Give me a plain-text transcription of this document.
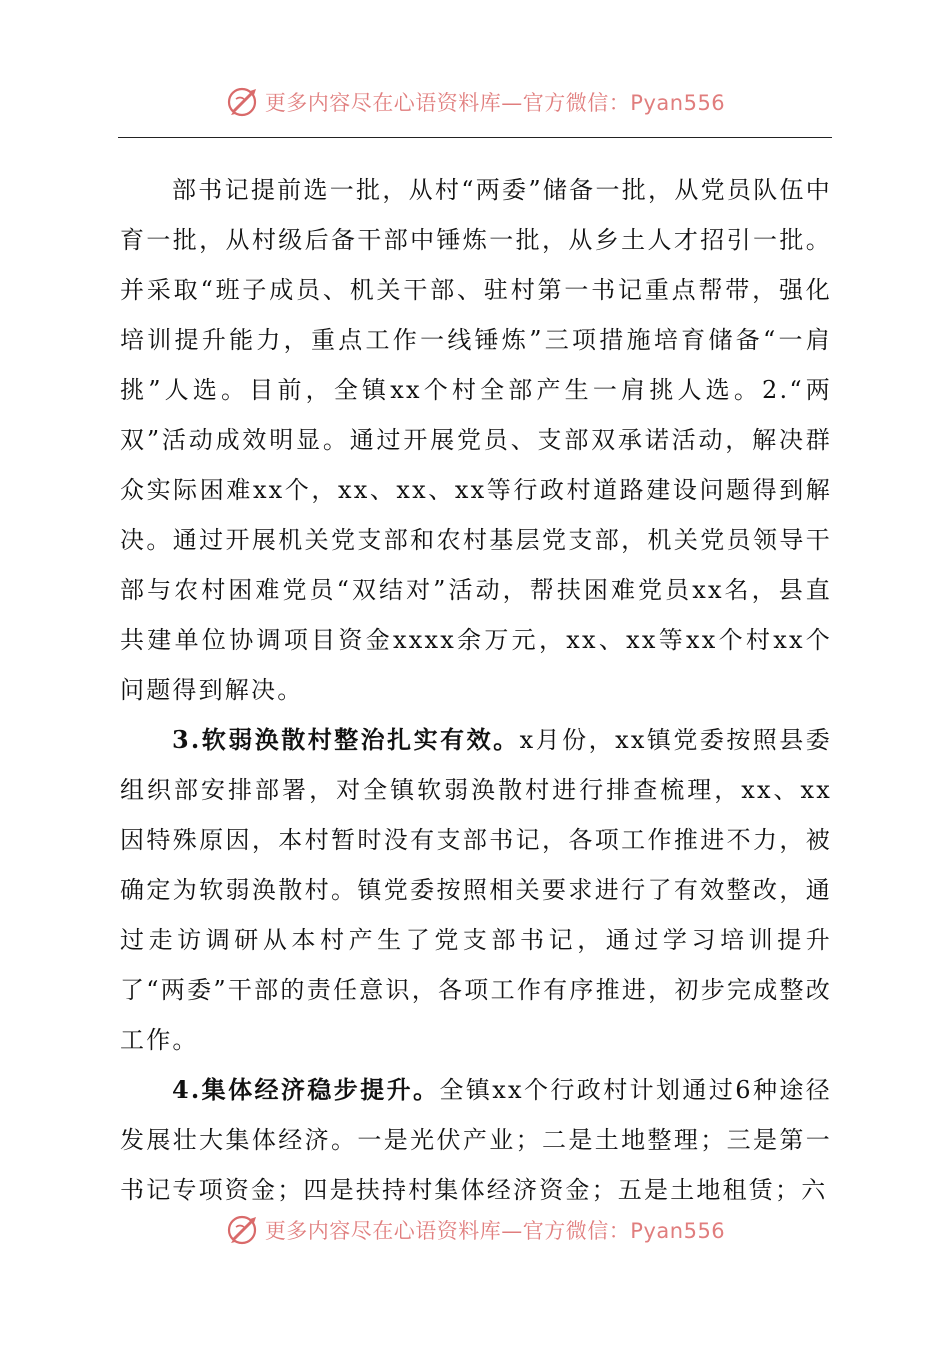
更多内容尽在心语资料库—官方微信：Pyan556

部书记提前选一批，从村“两委”储备一批，从党员队伍中育一批，从村级后备干部中锤炼一批，从乡土人才招引一批。并采取“班子成员、机关干部、驻村第一书记重点帮带，强化培训提升能力，重点工作一线锤炼”三项措施培育储备“一肩挑”人选。目前，全镇xx个村全部产生一肩挑人选。2.“两双”活动成效明显。通过开展党员、支部双承诺活动，解决群众实际困难xx个，xx、xx、xx等行政村道路建设问题得到解决。通过开展机关党支部和农村基层党支部，机关党员领导干部与农村困难党员“双结对”活动，帮扶困难党员xx名，县直共建单位协调项目资金xxxx余万元，xx、xx等xx个村xx个问题得到解决。

3.软弱涣散村整治扎实有效。x月份，xx镇党委按照县委组织部安排部署，对全镇软弱涣散村进行排查梳理，xx、xx因特殊原因，本村暂时没有支部书记，各项工作推进不力，被确定为软弱涣散村。镇党委按照相关要求进行了有效整改，通过走访调研从本村产生了党支部书记，通过学习培训提升了“两委”干部的责任意识，各项工作有序推进，初步完成整改工作。

4.集体经济稳步提升。全镇xx个行政村计划通过6种途径发展壮大集体经济。一是光伏产业；二是土地整理；三是第一书记专项资金；四是扶持村集体经济资金；五是土地租赁；六

更多内容尽在心语资料库—官方微信：Pyan556
